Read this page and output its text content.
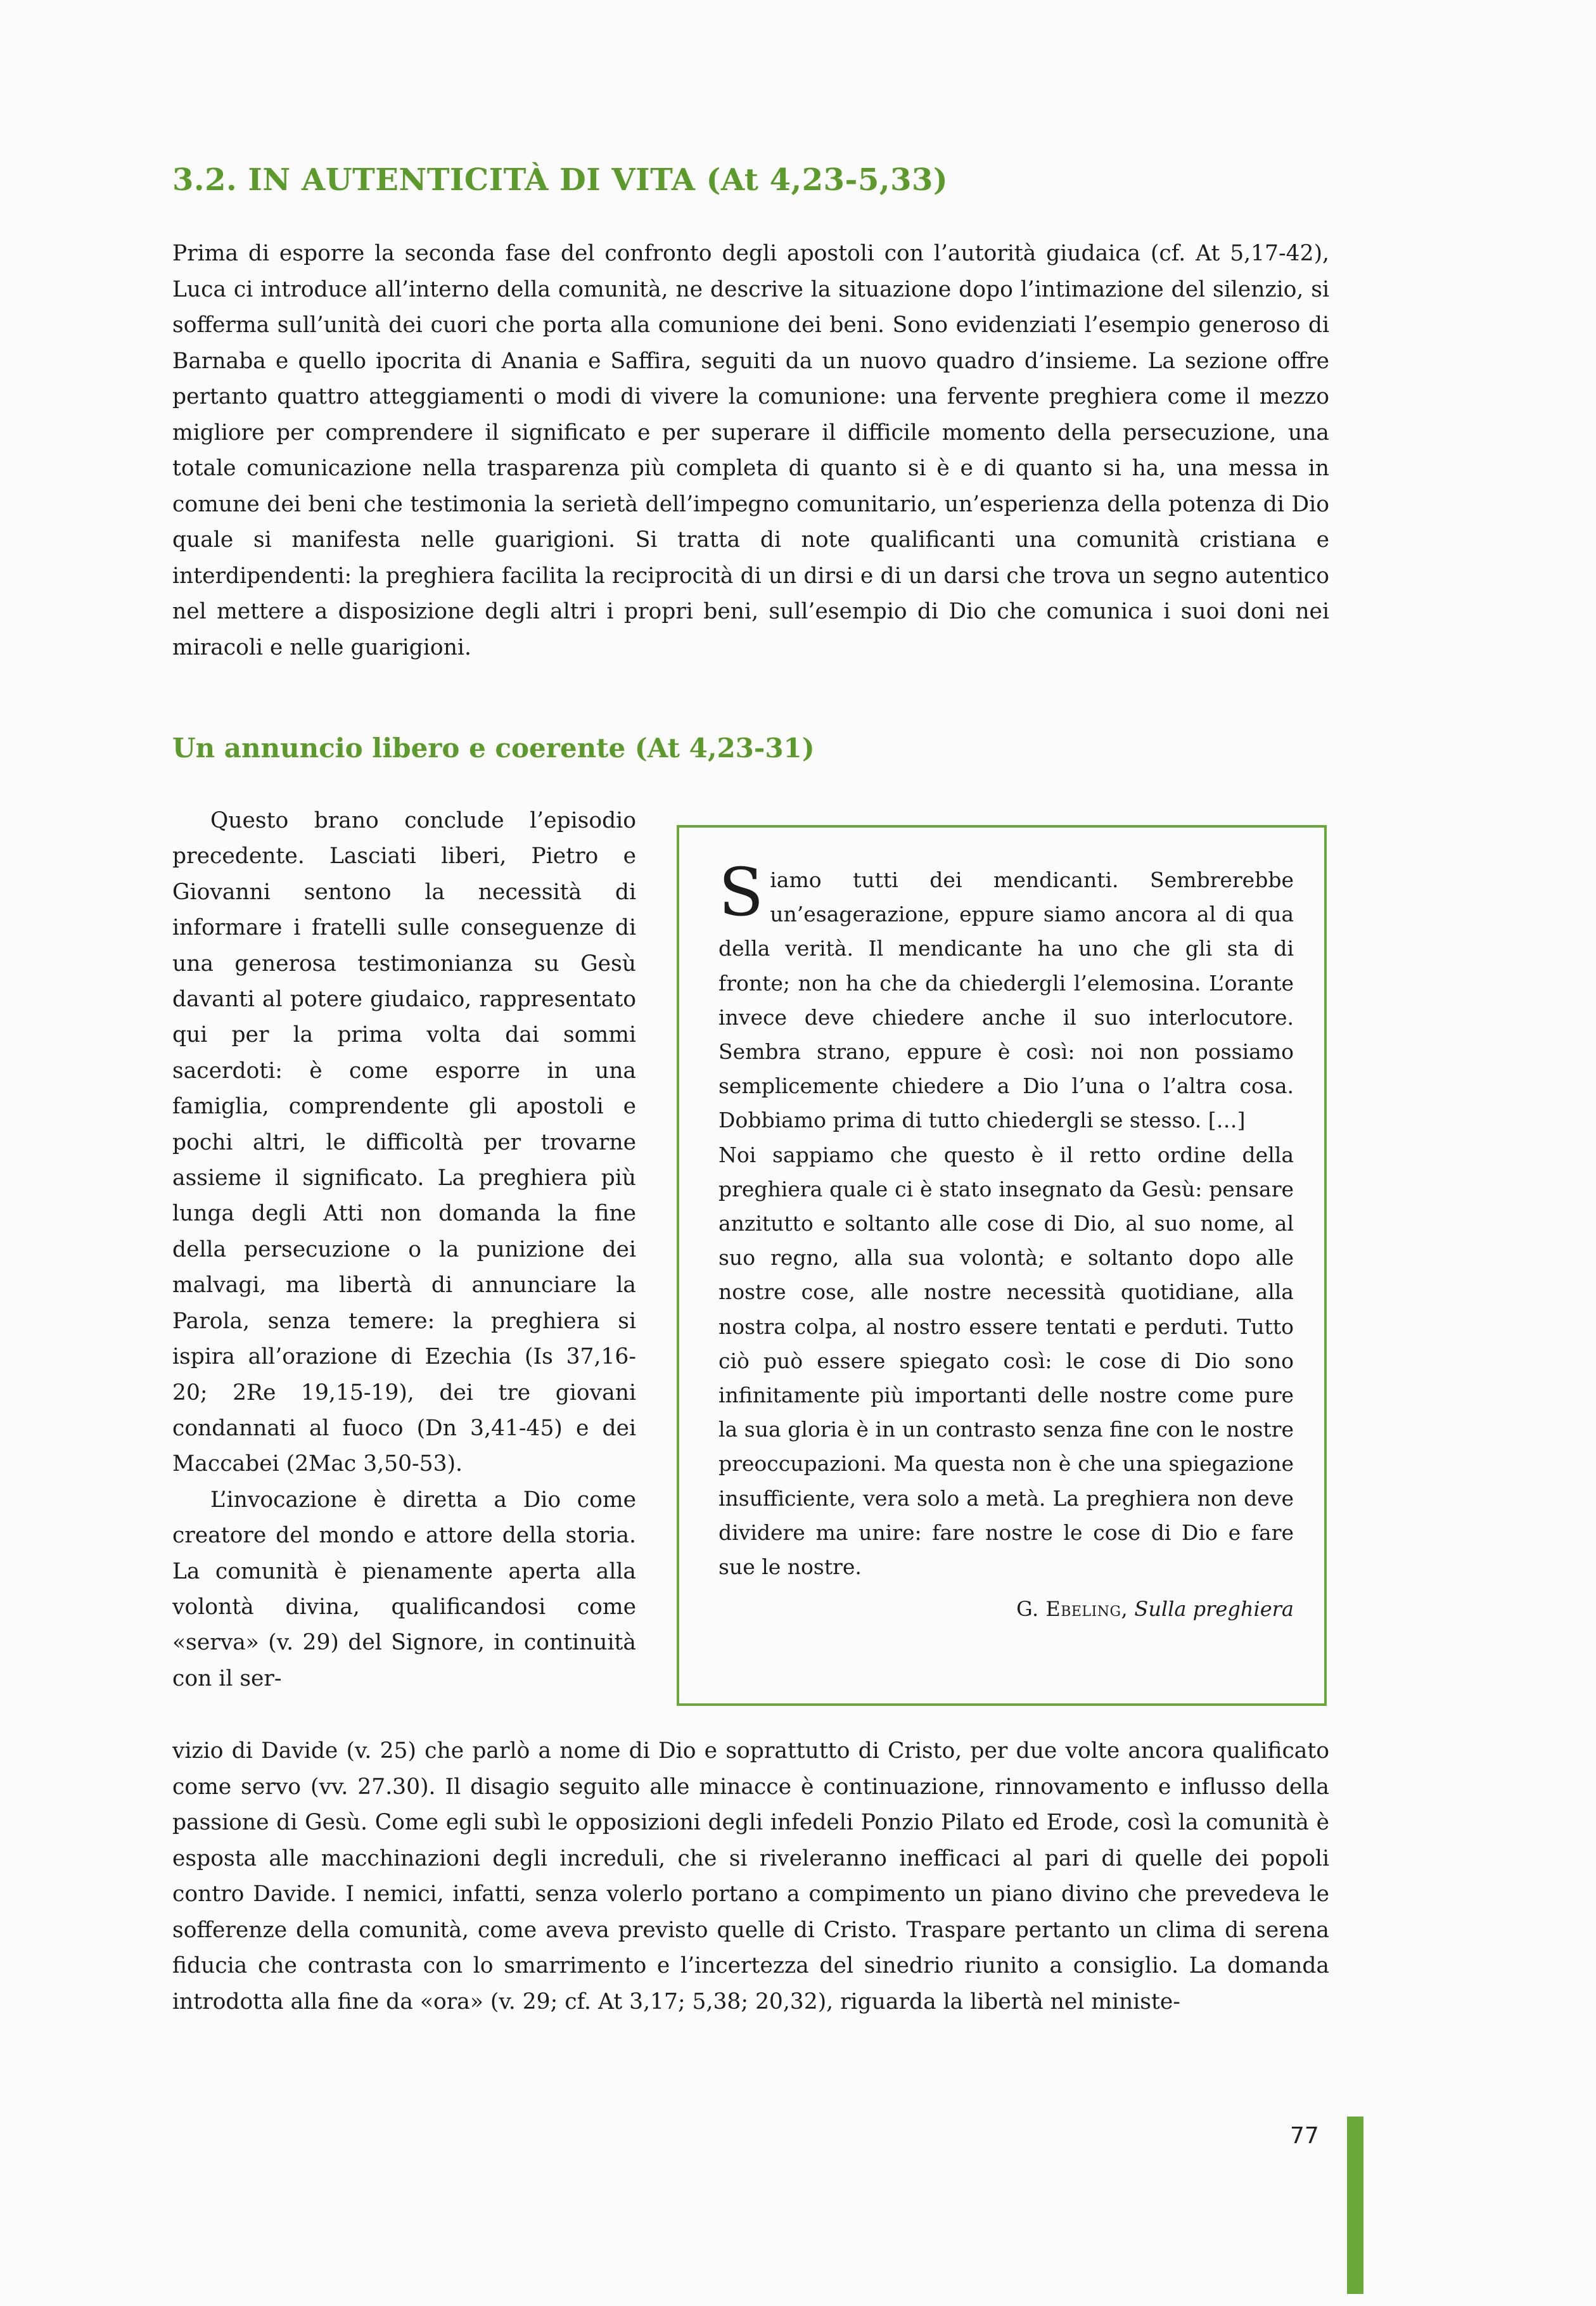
3.2. IN AUTENTICITÀ DI VITA (At 4,23-5,33)

Prima di esporre la seconda fase del confronto degli apostoli con l’autorità giudaica (cf. At 5,17-42), Luca ci introduce all’interno della comunità, ne descrive la situazione dopo l’intimazione del silenzio, si sofferma sull’unità dei cuori che porta alla comunione dei beni. Sono evidenziati l’esempio generoso di Barnaba e quello ipocrita di Anania e Saffira, seguiti da un nuovo quadro d’insieme. La sezione offre pertanto quattro atteggiamenti o modi di vivere la comunione: una fervente preghiera come il mezzo migliore per comprendere il significato e per superare il difficile momento della persecuzione, una totale comunicazione nella trasparenza più completa di quanto si è e di quanto si ha, una messa in comune dei beni che testimonia la serietà dell’impegno comunitario, un’esperienza della potenza di Dio quale si manifesta nelle guarigioni. Si tratta di note qualificanti una comunità cristiana e interdipendenti: la preghiera facilita la reciprocità di un dirsi e di un darsi che trova un segno autentico nel mettere a disposizione degli altri i propri beni, sull’esempio di Dio che comunica i suoi doni nei miracoli e nelle guarigioni.

Un annuncio libero e coerente (At 4,23-31)

Questo brano conclude l’episodio precedente. Lasciati liberi, Pietro e Giovanni sentono la necessità di informare i fratelli sulle conseguenze di una generosa testimonianza su Gesù davanti al potere giudaico, rappresentato qui per la prima volta dai sommi sacerdoti: è come esporre in una famiglia, comprendente gli apostoli e pochi altri, le difficoltà per trovarne assieme il significato. La preghiera più lunga degli Atti non domanda la fine della persecuzione o la punizione dei malvagi, ma libertà di annunciare la Parola, senza temere: la preghiera si ispira all’orazione di Ezechia (Is 37,16-20; 2Re 19,15-19), dei tre giovani condannati al fuoco (Dn 3,41-45) e dei Maccabei (2Mac 3,50-53).

L’invocazione è diretta a Dio come creatore del mondo e attore della storia. La comunità è pienamente aperta alla volontà divina, qualificandosi come «serva» (v. 29) del Signore, in continuità con il ser-

Siamo tutti dei mendicanti. Sembrerebbe un’esagerazione, eppure siamo ancora al di qua della verità. Il mendicante ha uno che gli sta di fronte; non ha che da chiedergli l’elemosina. L’orante invece deve chiedere anche il suo interlocutore. Sembra strano, eppure è così: noi non possiamo semplicemente chiedere a Dio l’una o l’altra cosa. Dobbiamo prima di tutto chiedergli se stesso. […]
Noi sappiamo che questo è il retto ordine della preghiera quale ci è stato insegnato da Gesù: pensare anzitutto e soltanto alle cose di Dio, al suo nome, al suo regno, alla sua volontà; e soltanto dopo alle nostre cose, alle nostre necessità quotidiane, alla nostra colpa, al nostro essere tentati e perduti. Tutto ciò può essere spiegato così: le cose di Dio sono infinitamente più importanti delle nostre come pure la sua gloria è in un contrasto senza fine con le nostre preoccupazioni. Ma questa non è che una spiegazione insufficiente, vera solo a metà. La preghiera non deve dividere ma unire: fare nostre le cose di Dio e fare sue le nostre.
G. Ebeling, Sulla preghiera

vizio di Davide (v. 25) che parlò a nome di Dio e soprattutto di Cristo, per due volte ancora qualificato come servo (vv. 27.30). Il disagio seguito alle minacce è continuazione, rinnovamento e influsso della passione di Gesù. Come egli subì le opposizioni degli infedeli Ponzio Pilato ed Erode, così la comunità è esposta alle macchinazioni degli increduli, che si riveleranno inefficaci al pari di quelle dei popoli contro Davide. I nemici, infatti, senza volerlo portano a compimento un piano divino che prevedeva le sofferenze della comunità, come aveva previsto quelle di Cristo. Traspare pertanto un clima di serena fiducia che contrasta con lo smarrimento e l’incertezza del sinedrio riunito a consiglio. La domanda introdotta alla fine da «ora» (v. 29; cf. At 3,17; 5,38; 20,32), riguarda la libertà nel ministe-

77
